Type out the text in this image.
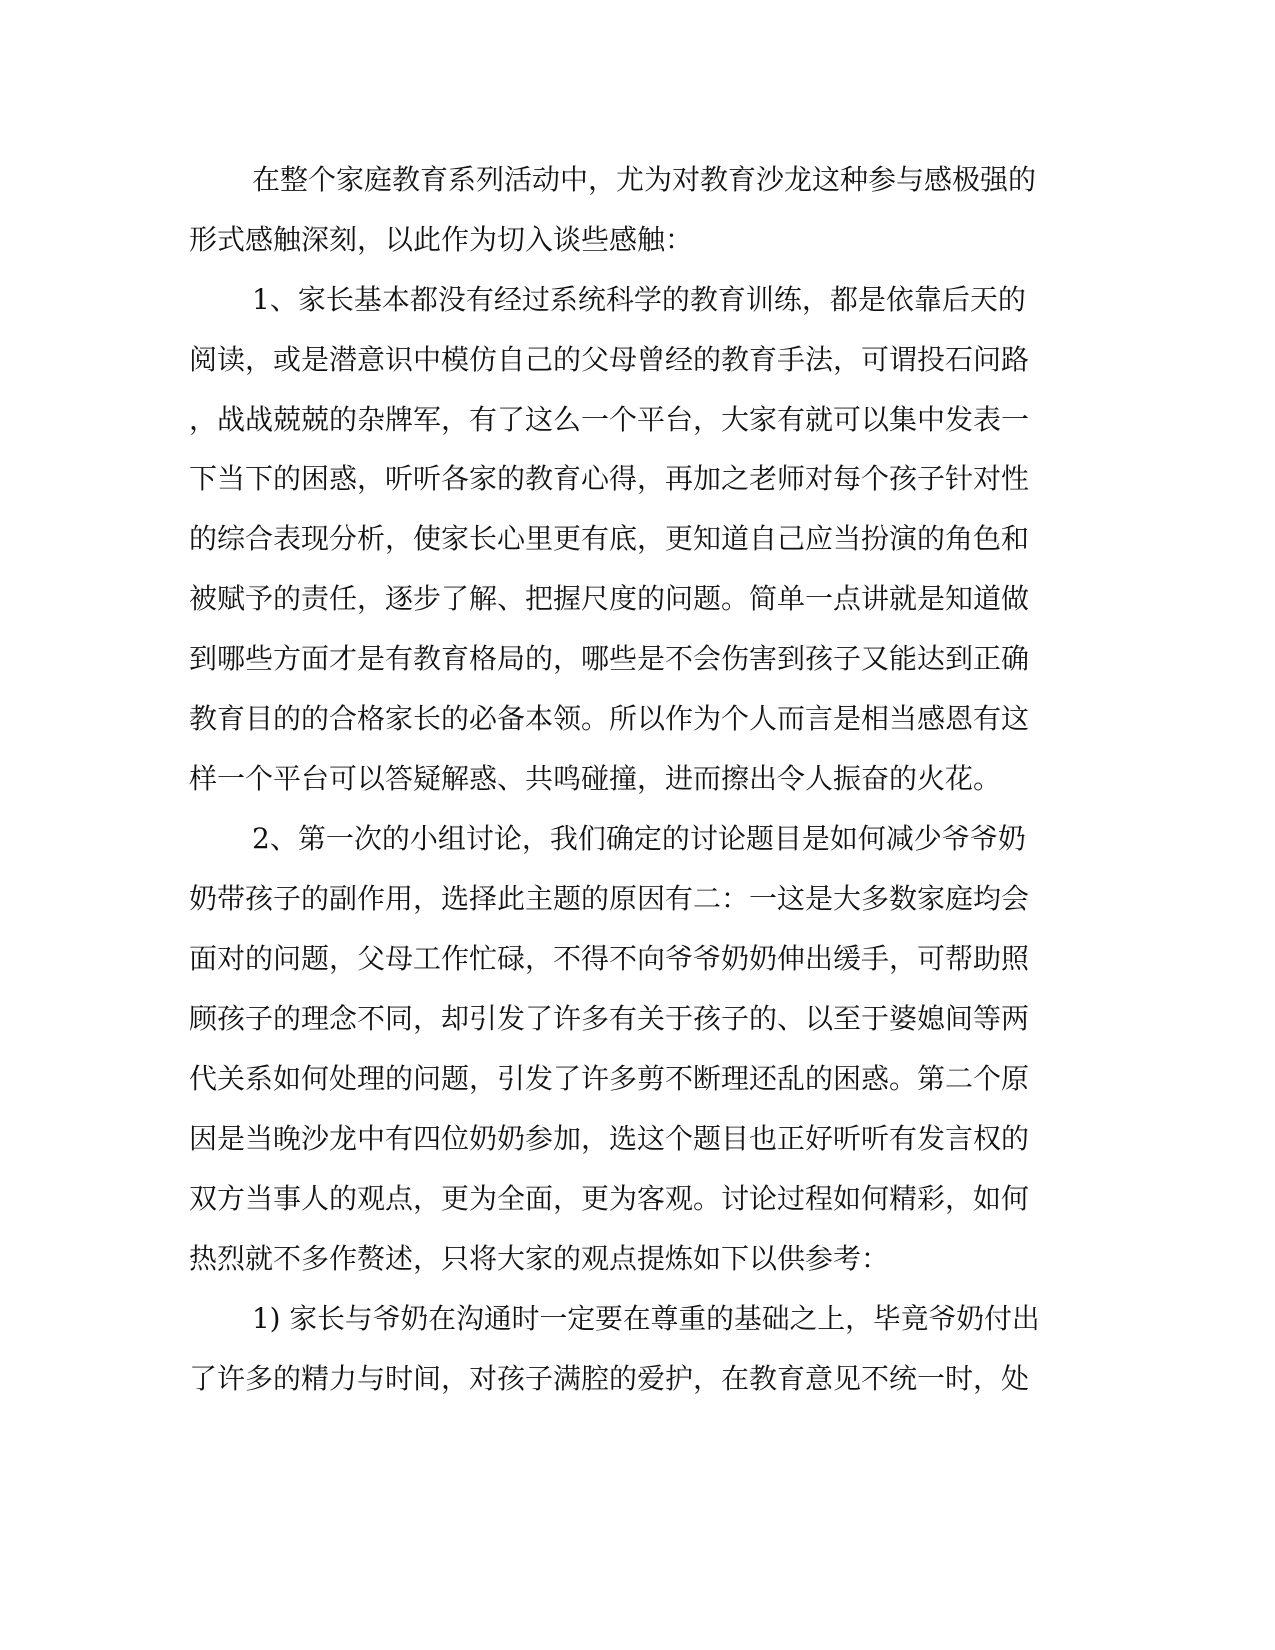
在整个家庭教育系列活动中，尤为对教育沙龙这种参与感极强的

形式感触深刻，以此作为切入谈些感触：

1、家长基本都没有经过系统科学的教育训练，都是依靠后天的

阅读，或是潜意识中模仿自己的父母曾经的教育手法，可谓投石问路

，战战兢兢的杂牌军，有了这么一个平台，大家有就可以集中发表一

下当下的困惑，听听各家的教育心得，再加之老师对每个孩子针对性

的综合表现分析，使家长心里更有底，更知道自己应当扮演的角色和

被赋予的责任，逐步了解、把握尺度的问题。简单一点讲就是知道做

到哪些方面才是有教育格局的，哪些是不会伤害到孩子又能达到正确

教育目的的合格家长的必备本领。所以作为个人而言是相当感恩有这

样一个平台可以答疑解惑、共鸣碰撞，进而擦出令人振奋的火花。

2、第一次的小组讨论，我们确定的讨论题目是如何减少爷爷奶

奶带孩子的副作用，选择此主题的原因有二：一这是大多数家庭均会

面对的问题，父母工作忙碌，不得不向爷爷奶奶伸出缓手，可帮助照

顾孩子的理念不同，却引发了许多有关于孩子的、以至于婆媳间等两

代关系如何处理的问题，引发了许多剪不断理还乱的困惑。第二个原

因是当晚沙龙中有四位奶奶参加，选这个题目也正好听听有发言权的

双方当事人的观点，更为全面，更为客观。讨论过程如何精彩，如何

热烈就不多作赘述，只将大家的观点提炼如下以供参考：

1) 家长与爷奶在沟通时一定要在尊重的基础之上，毕竟爷奶付出

了许多的精力与时间，对孩子满腔的爱护，在教育意见不统一时，处
